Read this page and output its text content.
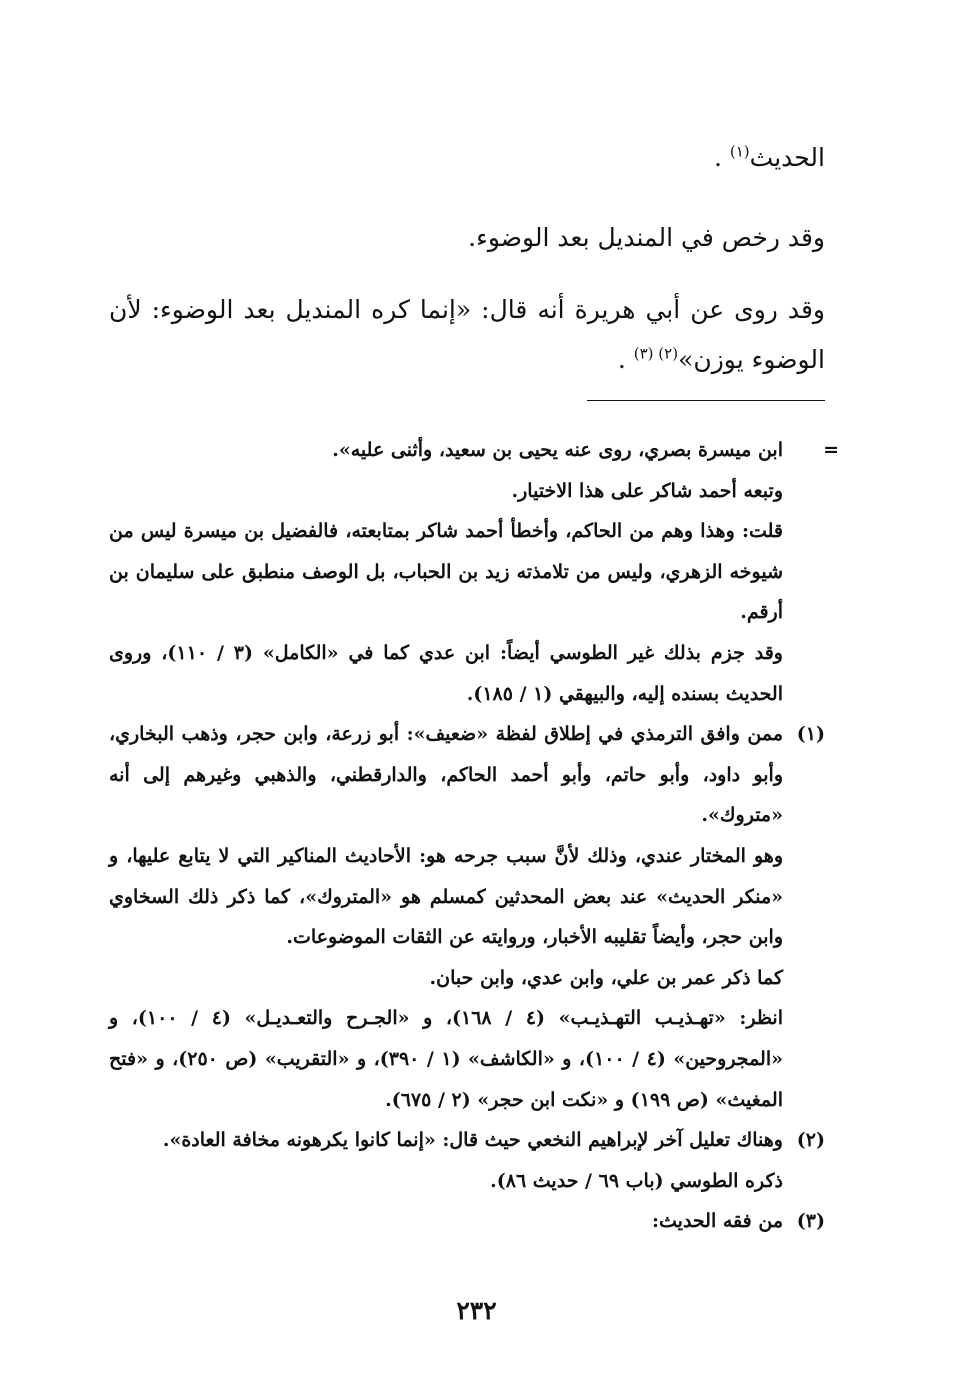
الحديث$^{(١)}$ .
وقد رخص في المنديل بعد الوضوء.
وقد روى عن أبي هريرة أنه قال: «إنما كره المنديل بعد الوضوء: لأن الوضوء يوزن»$^{(٢) (٣)}$ .
=
ابن ميسرة بصري، روى عنه يحيى بن سعيد، وأثنى عليه».
وتبعه أحمد شاكر على هذا الاختيار.
قلت: وهذا وهم من الحاكم، وأخطأ أحمد شاكر بمتابعته، فالفضيل بن ميسرة ليس من شيوخه الزهري، وليس من تلامذته زيد بن الحباب، بل الوصف منطبق على سليمان بن أرقم.
وقد جزم بذلك غير الطوسي أيضاً: ابن عدي كما في «الكامل» (٣ / ١١٠)، وروى الحديث بسنده إليه، والبيهقي (١ / ١٨٥).
(١)
ممن وافق الترمذي في إطلاق لفظة «ضعيف»: أبو زرعة، وابن حجر، وذهب البخاري، وأبو داود، وأبو حاتم، وأبو أحمد الحاكم، والدارقطني، والذهبي وغيرهم إلى أنه «متروك».
وهو المختار عندي، وذلك لأنَّ سبب جرحه هو: الأحاديث المناكير التي لا يتابع عليها، و «منكر الحديث» عند بعض المحدثين كمسلم هو «المتروك»، كما ذكر ذلك السخاوي وابن حجر، وأيضاً تقليبه الأخبار، وروايته عن الثقات الموضوعات.
كما ذكر عمر بن علي، وابن عدي، وابن حبان.
انظر: «تهـذيـب التهـذيـب» (٤ / ١٦٨)، و «الجـرح والتعـديـل» (٤ / ١٠٠)، و «المجروحين» (٤ / ١٠٠)، و «الكاشف» (١ / ٣٩٠)، و «التقريب» (ص ٢٥٠)، و «فتح المغيث» (ص ١٩٩) و «نكت ابن حجر» (٢ / ٦٧٥).
(٢)
وهناك تعليل آخر لإبراهيم النخعي حيث قال: «إنما كانوا يكرهونه مخافة العادة».
ذكره الطوسي (باب ٦٩ / حديث ٨٦).
(٣)
من فقه الحديث:
٢٣٢
